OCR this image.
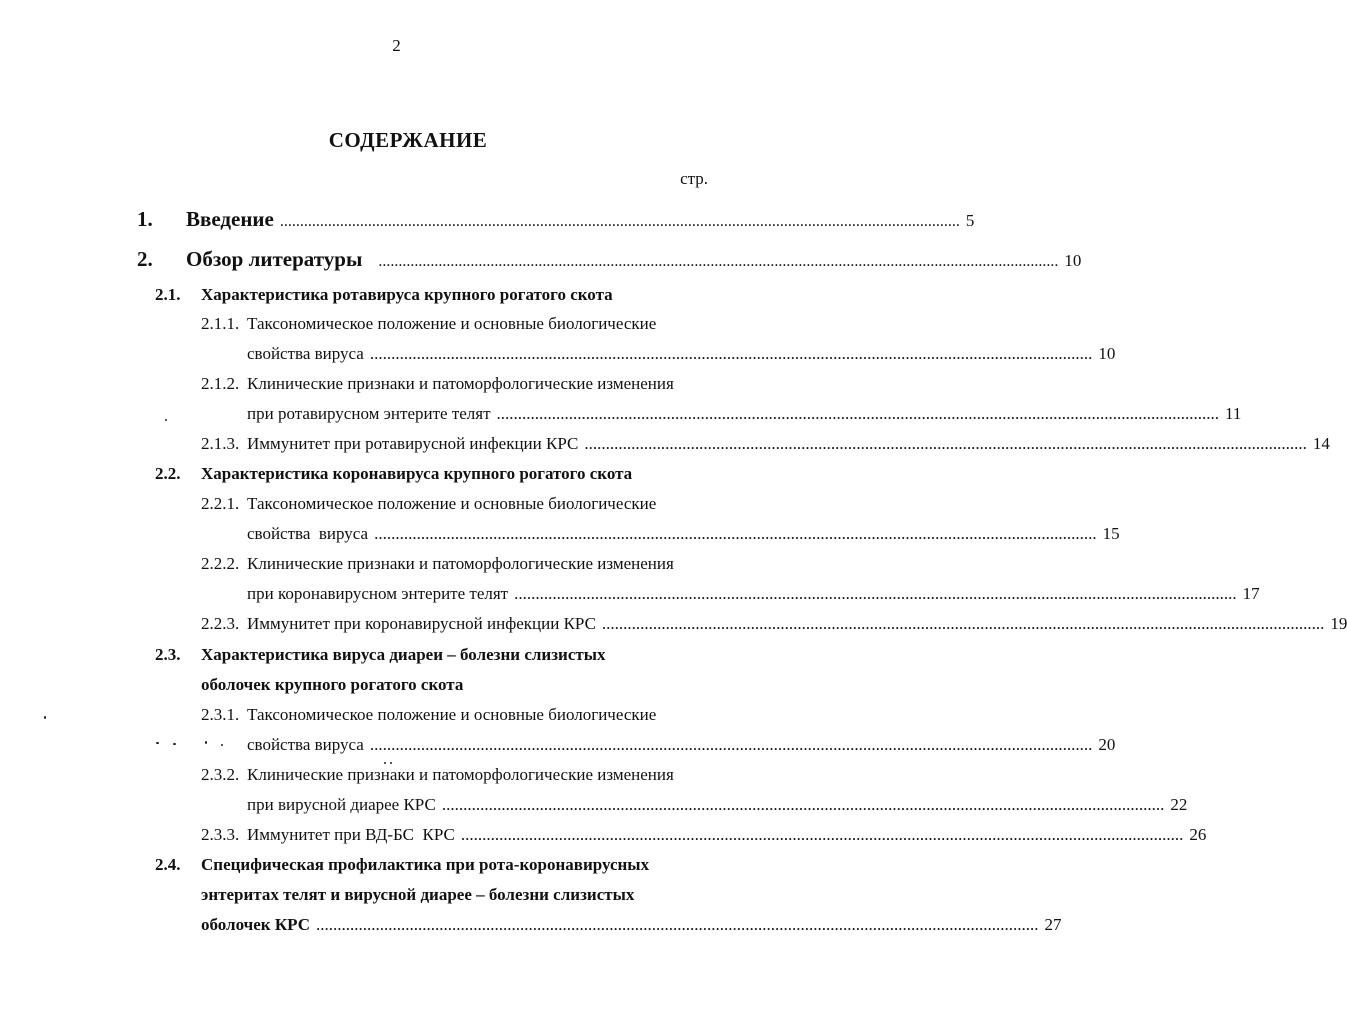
2
СОДЕРЖАНИЕ
стр.
1.	Введение .......................................................................................................................................................................... 5
2.	Обзор литературы .......................................................................................................................................................................... 10
2.1. Характеристика ротавируса крупного рогатого скота
2.1.1. Таксономическое положение и основные биологические
свойства вируса .......................................................................................................................................................................... 10
2.1.2. Клинические признаки и патоморфологические изменения
при ротавирусном энтерите телят .......................................................................................................................................................................... 11
2.1.3. Иммунитет при ротавирусной инфекции КРС .......................................................................................................................................................................... 14
2.2. Характеристика коронавируса крупного рогатого скота
2.2.1. Таксономическое положение и основные биологические
свойства  вируса .......................................................................................................................................................................... 15
2.2.2. Клинические признаки и патоморфологические изменения
при коронавирусном энтерите телят .......................................................................................................................................................................... 17
2.2.3. Иммунитет при коронавирусной инфекции КРС .......................................................................................................................................................................... 19
2.3. Характеристика вируса диареи – болезни слизистых
оболочек крупного рогатого скота
2.3.1. Таксономическое положение и основные биологические
свойства вируса .......................................................................................................................................................................... 20
2.3.2. Клинические признаки и патоморфологические изменения
при вирусной диарее КРС .......................................................................................................................................................................... 22
2.3.3. Иммунитет при ВД-БС  КРС .......................................................................................................................................................................... 26
2.4. Специфическая профилактика при рота-коронавирусных
энтеритах телят и вирусной диарее – болезни слизистых
оболочек КРС .......................................................................................................................................................................... 27
